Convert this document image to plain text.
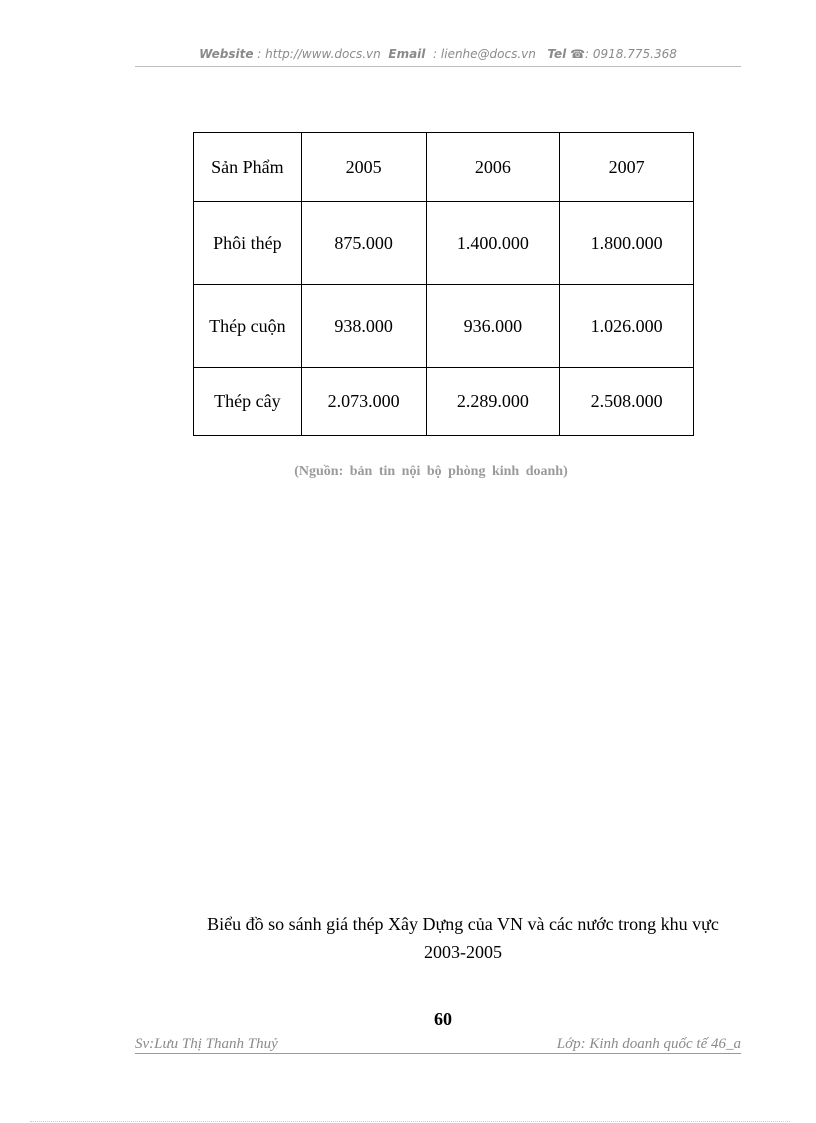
Website : http://www.docs.vn Email : lienhe@docs.vn Tel ☎: 0918.775.368
Sản Phẩm	2005	2006	2007
Phôi thép	875.000	1.400.000	1.800.000
Thép cuộn	938.000	936.000	1.026.000
Thép cây	2.073.000	2.289.000	2.508.000
(Nguồn: bản tin nội bộ phòng kinh doanh)
Biểu đồ so sánh giá thép Xây Dựng của VN và các nước trong khu vực
2003-2005
60
Sv:Lưu Thị Thanh Thuỷ	Lớp: Kinh doanh quốc tế 46_a
